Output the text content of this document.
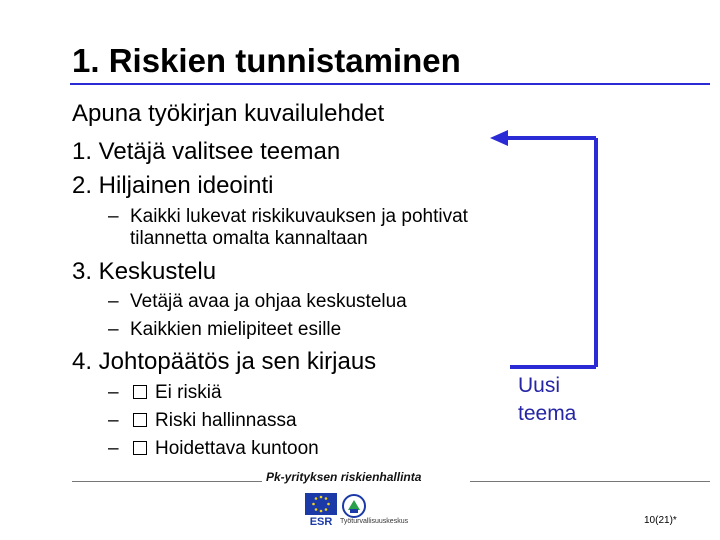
1. Riskien tunnistaminen
Apuna työkirjan kuvailulehdet
1. Vetäjä valitsee teeman
2. Hiljainen ideointi
– Kaikki lukevat riskikuvauksen ja pohtivat
tilannetta omalta kannaltaan
3. Keskustelu
– Vetäjä avaa ja ohjaa keskustelua
– Kaikkien mielipiteet esille
4. Johtopäätös ja sen kirjaus
–	Ei riskiä
–	Riski hallinnassa
–	Hoidettava kuntoon
Uusi
teema
Pk-yrityksen riskienhallinta
ESR Työturvallisuuskeskus	10(21)*
